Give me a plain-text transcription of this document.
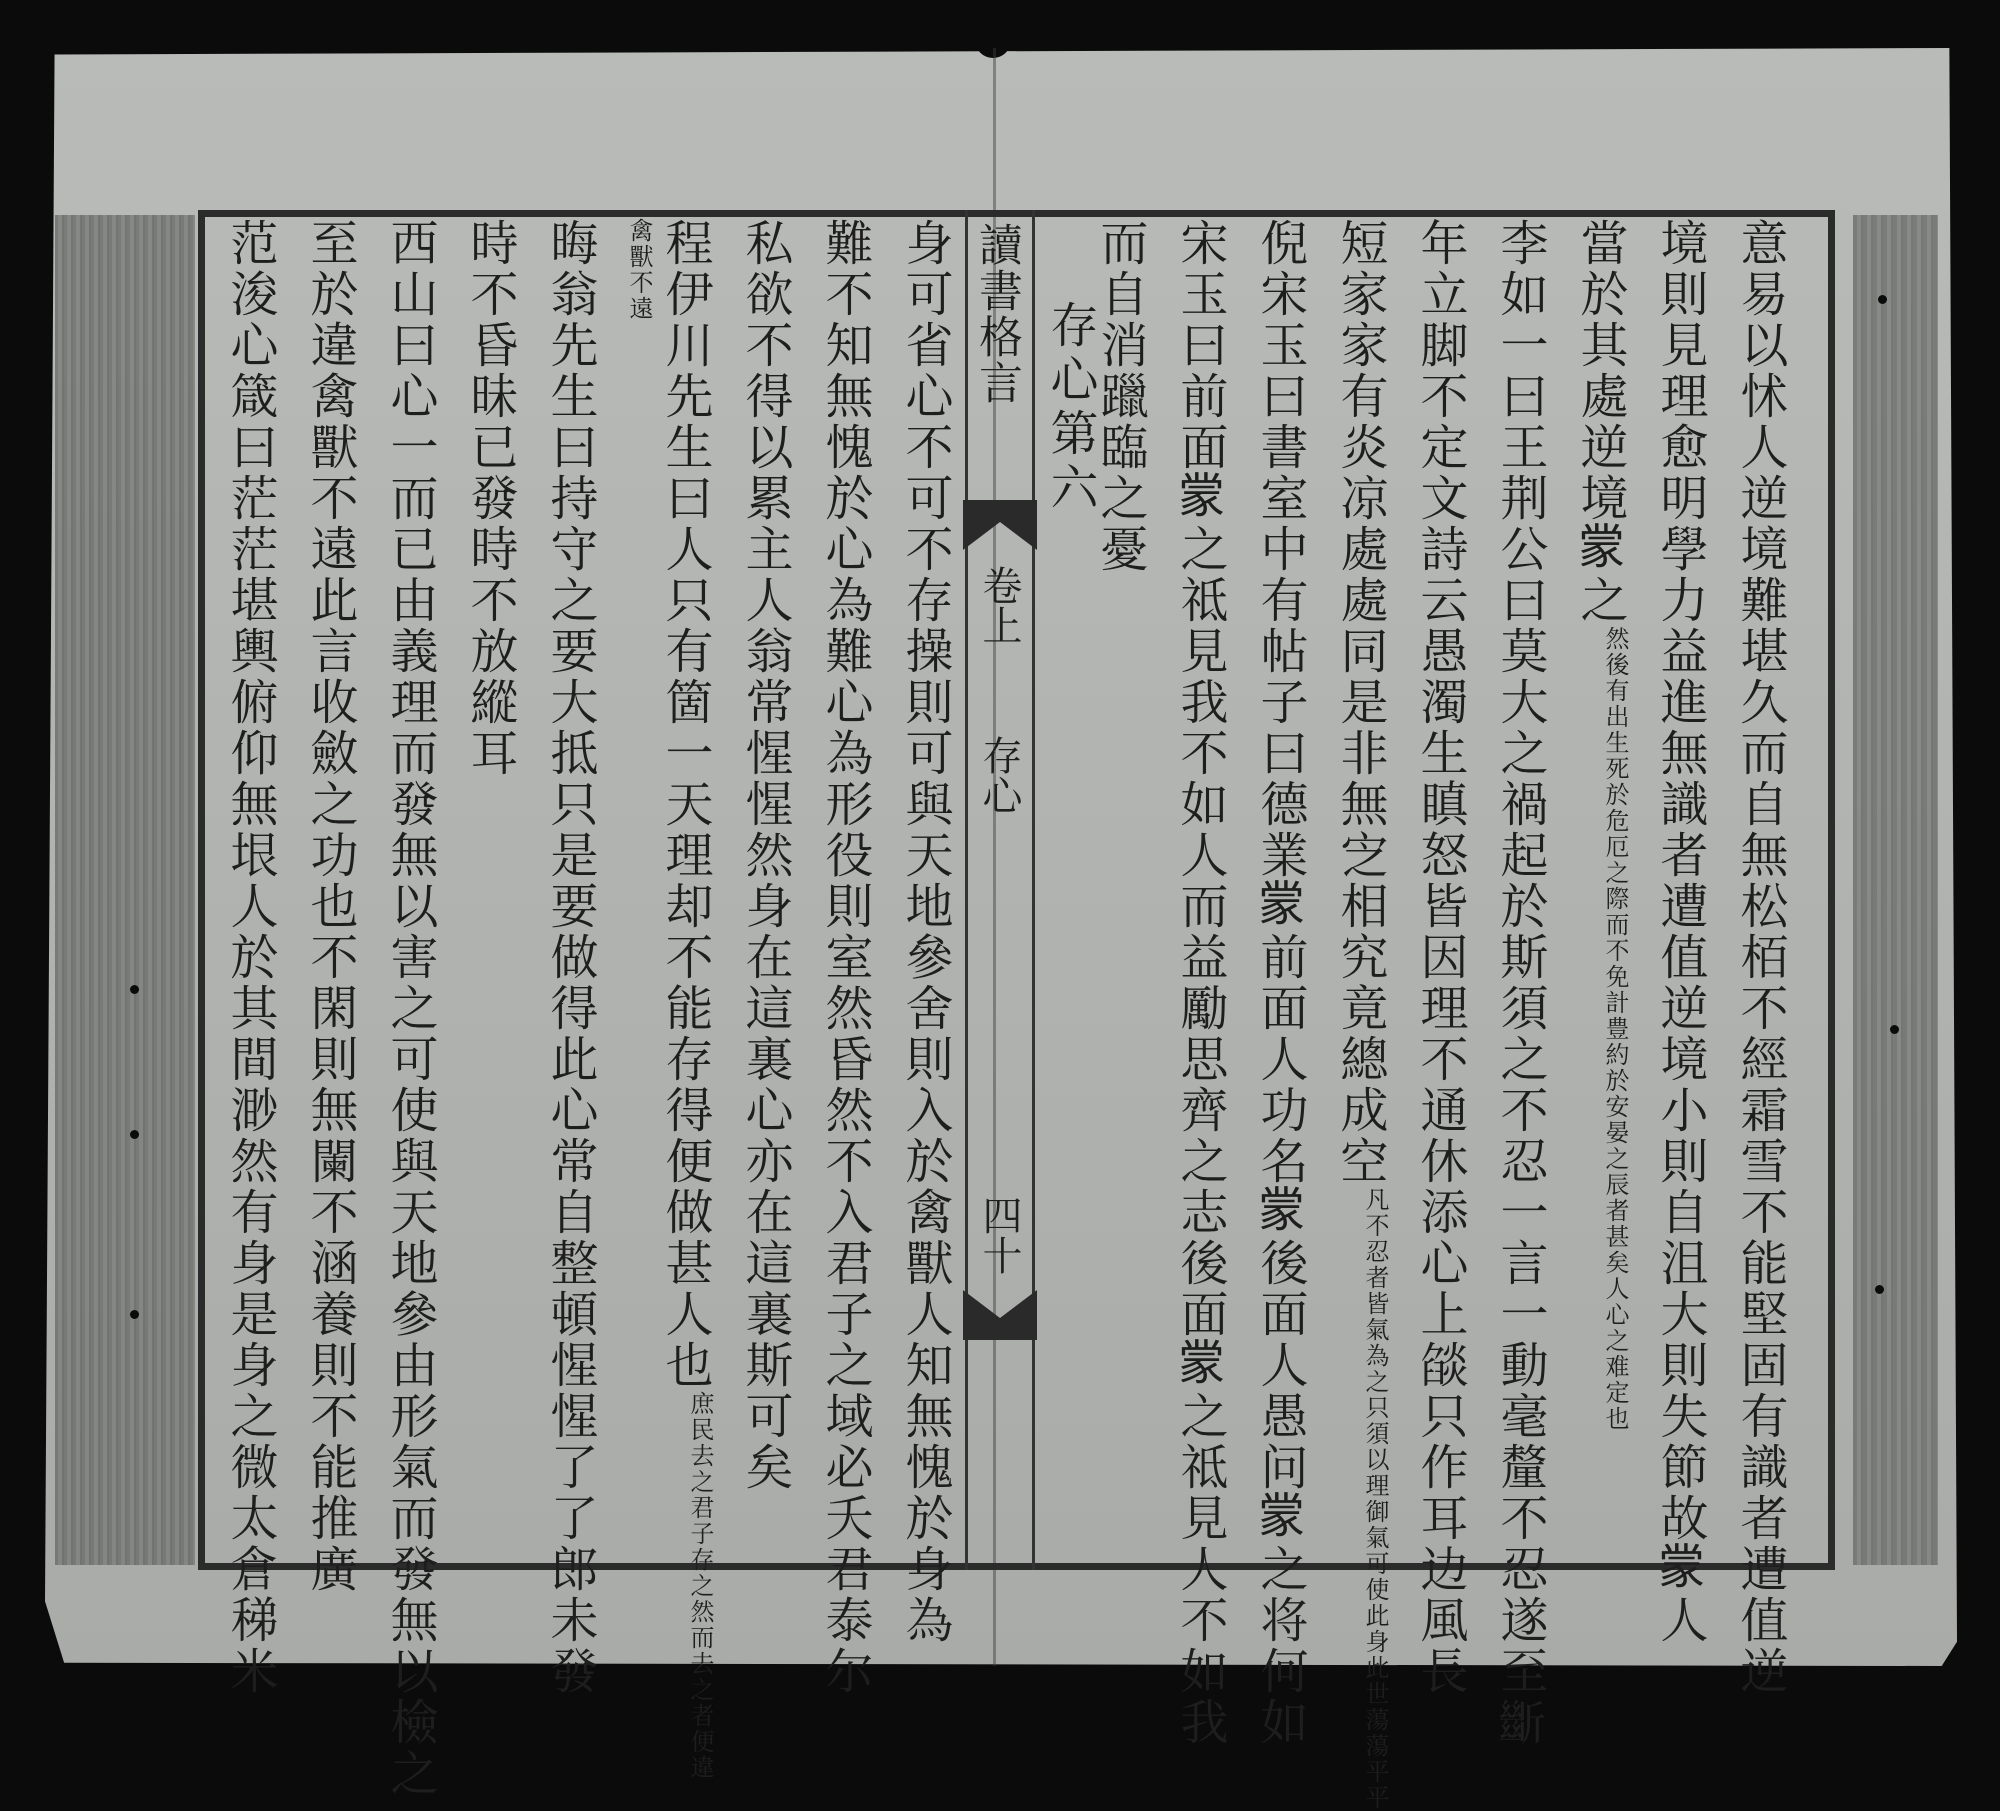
讀書格言
卷上
存心
四十	意易以怵人逆境難堪久而自無松栢不經霜雪不能堅固有識者遭值逆
境則見理愈明學力益進無識者遭值逆境小則自沮大則失節故𫎇人
當於其處逆境𫎇之然後有出生死於危厄之際而不免計豊約於安晏之辰者甚矣人心之难定也
李如一曰王荆公曰莫大之禍起於斯須之不忍一言一動毫釐不忍遂至𣃔
年立脚不定文詩云愚濁生瞋怒皆因理不通休添心上燄只作耳边風長
短家家有炎凉處處同是非無㝎相究竟總成空凡不忍者皆氣為之只須以理御氣可使此身此世蕩蕩平平
倪宋玉曰書室中有帖子曰德業𫎇前面人功名𫎇後面人愚问𫎇之将何如
宋玉曰前面𫎇之祗見我不如人而益勵思齊之志後面𫎇之祗見人不如我
而自消躐臨之憂
存心第六
身可省心不可不存操則可與天地參舍則入於禽獸人知無愧於身為
難不知無愧於心為難心為形役則室然昏然不入君子之域必夭君泰尔
私欲不得以累主人翁常惺惺然身在這裏心亦在這裏斯可矣
程伊川先生曰人只有箇一天理却不能存得便做甚人也庶民去之君子存之然而去之者便違
禽獸不遠
晦翁先生曰持守之要大抵只是要做得此心常自整頓惺惺了了郎未發
時不昏昧已發時不放縱耳
西山曰心一而已由義理而發無以害之可使與天地參由形氣而發無以檢之
至於違禽獸不遠此言收斂之功也不閑則無闌不涵養則不能推廣
范浚心箴曰茫茫堪輿俯仰無垠人於其間渺然有身是身之微太倉稊米
